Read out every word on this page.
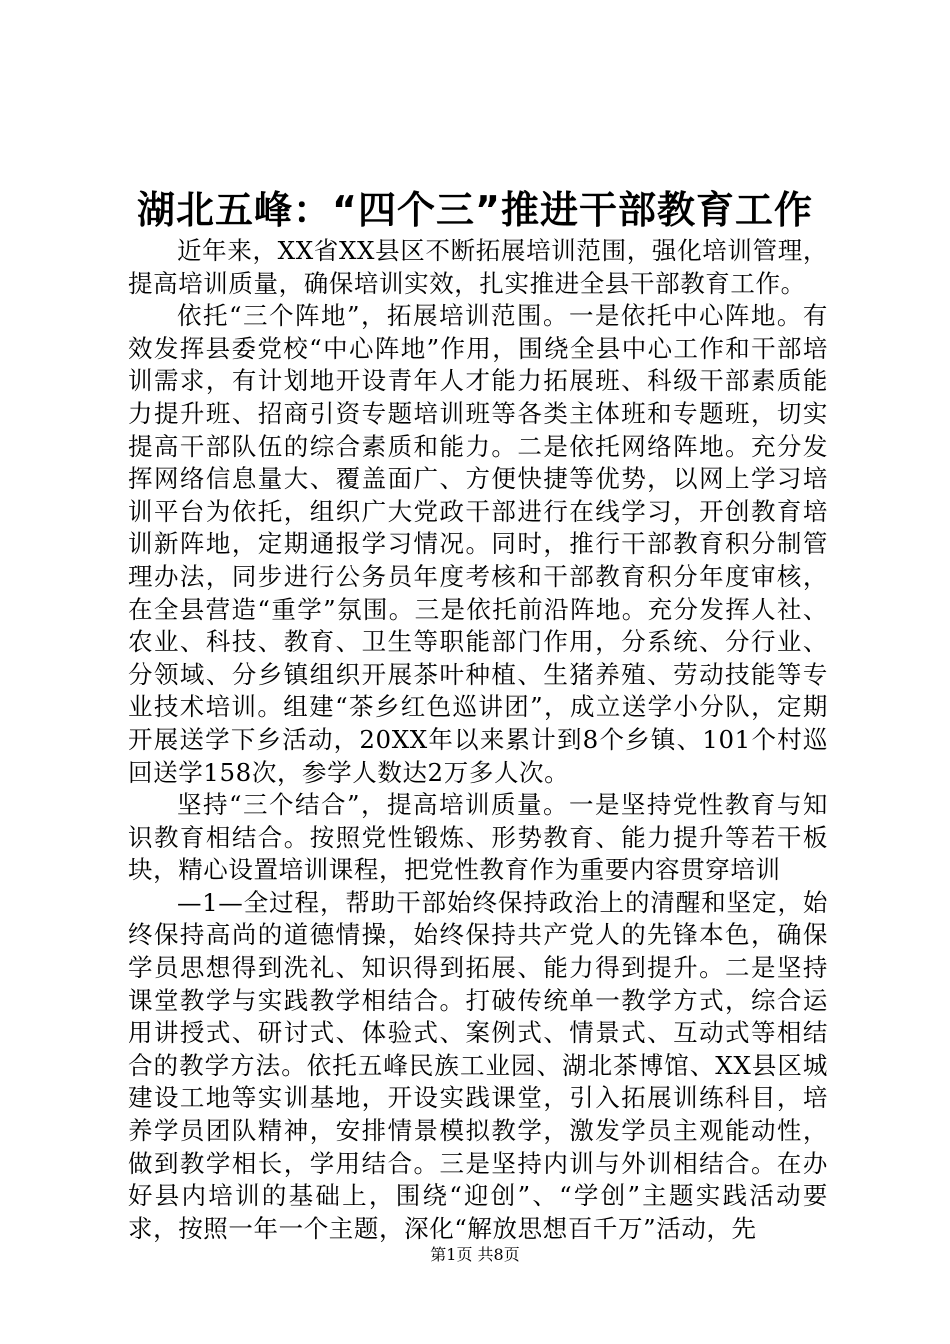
湖北五峰：“四个三”推进干部教育工作

近年来，XX省XX县区不断拓展培训范围，强化培训管理，提高培训质量，确保培训实效，扎实推进全县干部教育工作。

依托“三个阵地”，拓展培训范围。一是依托中心阵地。有效发挥县委党校“中心阵地”作用，围绕全县中心工作和干部培训需求，有计划地开设青年人才能力拓展班、科级干部素质能力提升班、招商引资专题培训班等各类主体班和专题班，切实提高干部队伍的综合素质和能力。二是依托网络阵地。充分发挥网络信息量大、覆盖面广、方便快捷等优势，以网上学习培训平台为依托，组织广大党政干部进行在线学习，开创教育培训新阵地，定期通报学习情况。同时，推行干部教育积分制管理办法，同步进行公务员年度考核和干部教育积分年度审核，在全县营造“重学”氛围。三是依托前沿阵地。充分发挥人社、农业、科技、教育、卫生等职能部门作用，分系统、分行业、分领域、分乡镇组织开展茶叶种植、生猪养殖、劳动技能等专业技术培训。组建“茶乡红色巡讲团”，成立送学小分队，定期开展送学下乡活动，20XX年以来累计到8个乡镇、101个村巡回送学158次，参学人数达2万多人次。

坚持“三个结合”，提高培训质量。一是坚持党性教育与知识教育相结合。按照党性锻炼、形势教育、能力提升等若干板块，精心设置培训课程，把党性教育作为重要内容贯穿培训

—1—全过程，帮助干部始终保持政治上的清醒和坚定，始终保持高尚的道德情操，始终保持共产党人的先锋本色，确保学员思想得到洗礼、知识得到拓展、能力得到提升。二是坚持课堂教学与实践教学相结合。打破传统单一教学方式，综合运用讲授式、研讨式、体验式、案例式、情景式、互动式等相结合的教学方法。依托五峰民族工业园、湖北茶博馆、XX县区城建设工地等实训基地，开设实践课堂，引入拓展训练科目，培养学员团队精神，安排情景模拟教学，激发学员主观能动性，做到教学相长，学用结合。三是坚持内训与外训相结合。在办好县内培训的基础上，围绕“迎创”、“学创”主题实践活动要求，按照一年一个主题，深化“解放思想百千万”活动，先

第1页 共8页
